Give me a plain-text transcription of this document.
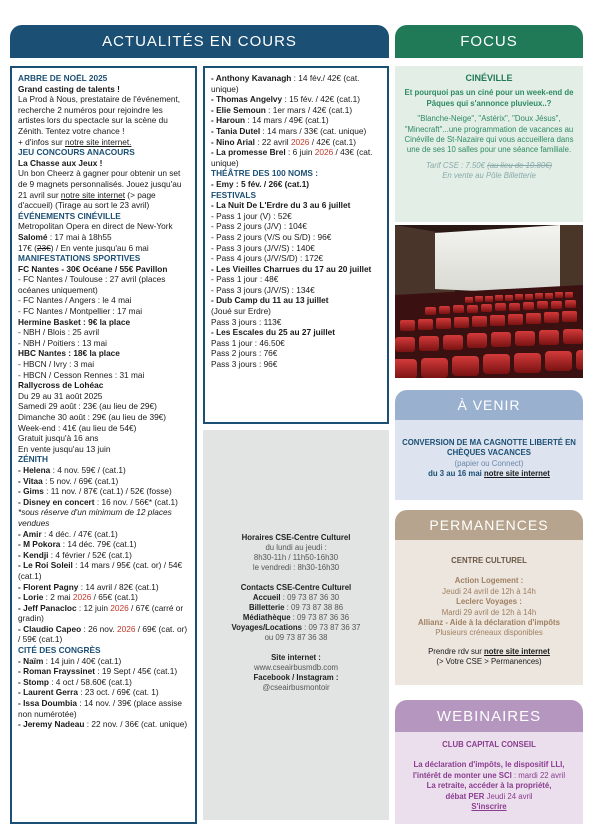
ACTUALITÉS EN COURS

ARBRE DE NOËL 2025

Grand casting de talents !

La Prod à Nous, prestataire de l'événement, recherche 2 numéros pour rejoindre les artistes lors du spectacle sur la scène du Zénith. Tentez votre chance !

+ d'infos sur notre site internet.

JEU CONCOURS ANACOURS

La Chasse aux Jeux !

Un bon Cheerz à gagner pour obtenir un set de 9 magnets personnalisés. Jouez jusqu'au 21 avril sur notre site internet (> page d'accueil) (Tirage au sort le 23 avril)

ÉVÉNEMENTS CINÉVILLE

Metropolitan Opera en direct de New-York

Salomé : 17 mai à 18h55

17€ (23€) / En vente jusqu'au 6 mai

MANIFESTATIONS SPORTIVES

FC Nantes - 30€ Océane / 55€ Pavillon

- FC Nantes / Toulouse : 27 avril (places océanes uniquement)

- FC Nantes / Angers : le 4 mai

- FC Nantes / Montpellier : 17 mai

Hermine Basket : 9€ la place

- NBH / Blois : 25 avril

- NBH / Poitiers : 13 mai

HBC Nantes : 18€ la place

- HBCN / Ivry : 3 mai

- HBCN / Cesson Rennes : 31 mai

Rallycross de Lohéac

Du 29 au 31 août 2025

Samedi 29 août : 23€ (au lieu de 29€)

Dimanche 30 août : 29€ (au lieu de 39€)

Week-end : 41€ (au lieu de 54€)

Gratuit jusqu'à 16 ans

En vente jusqu'au 13 juin

ZÉNITH

- Helena : 4 nov. 59€ / (cat.1)

- Vitaa : 5 nov. / 69€ (cat.1)

- Gims : 11 nov. / 87€ (cat.1) / 52€ (fosse)

- Disney en concert : 16 nov. / 56€* (cat.1)

*sous réserve d'un minimum de 12 places vendues

- Amir : 4 déc. / 47€ (cat.1)

- M Pokora : 14 déc. 79€ (cat.1)

- Kendji : 4 février / 52€ (cat.1)

- Le Roi Soleil : 14 mars / 95€ (cat. or) / 54€ (cat.1)

- Florent Pagny : 14 avril / 82€ (cat.1)

- Lorie : 2 mai 2026 / 65€ (cat.1)

- Jeff Panacloc : 12 juin 2026 / 67€ (carré or gradin)

- Claudio Capeo : 26 nov. 2026 / 69€ (cat. or) / 59€ (cat.1)

CITÉ DES CONGRÈS

- Naïm : 14 juin / 40€ (cat.1)

- Roman Frayssinet : 19 Sept / 45€ (cat.1)

- Stomp : 4 oct / 58.60€ (cat.1)

- Laurent Gerra : 23 oct. / 69€ (cat. 1)

- Issa Doumbia : 14 nov. / 39€ (place assise non numérotée)

- Jeremy Nadeau : 22 nov. / 36€ (cat. unique)

- Anthony Kavanagh : 14 fév./ 42€ (cat. unique)

- Thomas Angelvy : 15 fév. / 42€ (cat.1)

- Elie Semoun : 1er mars / 42€ (cat.1)

- Haroun : 14 mars / 49€ (cat.1)

- Tania Dutel : 14 mars / 33€ (cat. unique)

- Nino Arial : 22 avril 2026 / 42€ (cat.1)

- La promesse Brel : 6 juin 2026 / 43€ (cat. unique)

THÉÂTRE DES 100 NOMS :

- Emy : 5 fév. / 26€ (cat.1)

FESTIVALS

- La Nuit De L'Erdre du 3 au 6 juillet

- Pass 1 jour (V) : 52€

- Pass 2 jours (J/V) : 104€

- Pass 2 jours (V/S ou S/D) : 96€

- Pass 3 jours (J/V/S) : 140€

- Pass 4 jours (J/V/S/D) : 172€

- Les Vieilles Charrues du 17 au 20 juillet

- Pass 1 jour : 48€

- Pass 3 jours (J/V/S) : 134€

- Dub Camp du 11 au 13 juillet

(Joué sur Erdre)

Pass 3 jours : 113€

- Les Escales du 25 au 27 juillet

Pass 1 jour : 46.50€

Pass 2 jours : 76€

Pass 3 jours : 96€

Horaires CSE-Centre Culturel

du lundi au jeudi :

8h30-11h / 11h50-16h30

le vendredi : 8h30-16h30

Contacts CSE-Centre Culturel

Accueil : 09 73 87 36 30

Billetterie : 09 73 87 38 86

Médiathèque : 09 73 87 36 36

Voyages/Locations : 09 73 87 36 37

ou 09 73 87 36 38

Site internet :

www.cseairbusmdb.com

Facebook / Instagram :

@cseairbusmontoir

FOCUS

CINÉVILLE

Et pourquoi pas un ciné pour un week-end de Pâques qui s'annonce pluvieux..?

"Blanche-Neige", "Astérix", "Doux Jésus", "Minecraft"...une programmation de vacances au Cinéville de St-Nazaire qui vous accueillera dans une de ses 10 salles pour une séance familiale.

Tarif CSE : 7.50€ (au lieu de 10.80€)

En vente au Pôle Billetterie

À VENIR

CONVERSION DE MA CAGNOTTE LIBERTÉ EN CHÈQUES VACANCES

(papier ou Connect)

du 3 au 16 mai notre site internet

PERMANENCES

CENTRE CULTUREL

Action Logement :

Jeudi 24 avril de 12h à 14h

Leclerc Voyages :

Mardi 29 avril de 12h à 14h

Allianz - Aide à la déclaration d'impôts

Plusieurs créneaux disponibles

Prendre rdv sur notre site internet

(> Votre CSE > Permanences)

WEBINAIRES

CLUB CAPITAL CONSEIL

La déclaration d'impôts, le dispositif LLI,

l'intérêt de monter une SCI : mardi 22 avril

La retraite, accéder à la propriété,

débat PER Jeudi 24 avril

S'inscrire
